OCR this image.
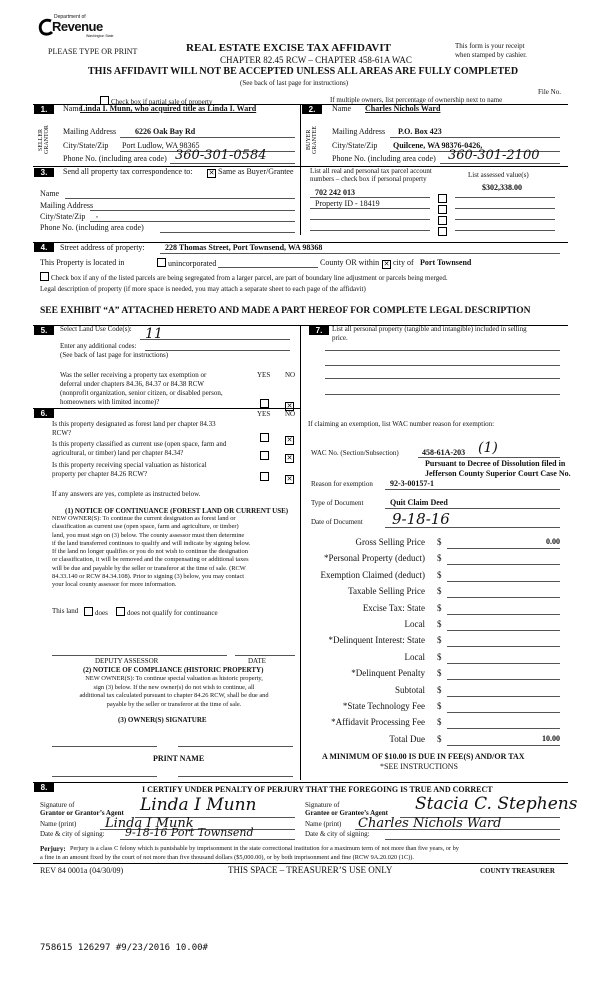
Department of
Revenue
Washington State
PLEASE TYPE OR PRINT	REAL ESTATE EXCISE TAX AFFIDAVIT
CHAPTER 82.45 RCW – CHAPTER 458-61A WAC
THIS AFFIDAVIT WILL NOT BE ACCEPTED UNLESS ALL AREAS ARE FULLY COMPLETED
(See back of last page for instructions)
This form is your receipt
when stamped by cashier.
File No.
Check box if partial sale of property	If multiple owners, list percentage of ownership next to name
1.
SELLER GRANTOR
Name
Linda I. Munn, who acquired title as Linda I. Ward
Mailing Address 6226 Oak Bay Rd
City/State/Zip Port Ludlow, WA 98365
Phone No. (including area code) 360-301-0584
2.
BUYER GRANTEE
Name Charles Nichols Ward
Mailing Address P.O. Box 423
City/State/Zip Quilcene, WA 98376-0426,
Phone No. (including area code) 360-301-2100
3.	Send all property tax correspondence to: ✕ Same as Buyer/Grantee
Name
Mailing Address
City/State/Zip ,
Phone No. (including area code)
List all real and personal tax parcel account
numbers – check box if personal property	List assessed value(s)
702 242 013
$302,338.00
Property ID - 18419
4.	Street address of property:	228 Thomas Street, Port Townsend, WA 98368
This Property is located in	unincorporated	County OR within ✕ city of Port Townsend
Check box if any of the listed parcels are being segregated from a larger parcel, are part of boundary line adjustment or parcels being merged.
Legal description of property (if more space is needed, you may attach a separate sheet to each page of the affidavit)
SEE EXHIBIT “A” ATTACHED HERETO AND MADE A PART HEREOF FOR COMPLETE LEGAL DESCRIPTION
5.	Select Land Use Code(s): 11
Enter any additional codes:
(See back of last page for instructions)
YES NO
Was the seller receiving a property tax exemption or
deferral under chapters 84.36, 84.37 or 84.38 RCW
(nonprofit organization, senior citizen, or disabled person,
homeowners with limited income)?	✕
6.	YES NO
Is this property designated as forest land per chapter 84.33
RCW?
✕
Is this property classified as current use (open space, farm and
agricultural, or timber) land per chapter 84.34?
✕
Is this property receiving special valuation as historical
property per chapter 84.26 RCW?
✕
If any answers are yes, complete as instructed below.
(1) NOTICE OF CONTINUANCE (FOREST LAND OR CURRENT USE)
NEW OWNER(S): To continue the current designation as forest land or
classification as current use (open space, farm and agriculture, or timber)
land, you must sign on (3) below. The county assessor must then determine
if the land transferred continues to qualify and will indicate by signing below.
If the land no longer qualifies or you do not wish to continue the designation
or classification, it will be removed and the compensating or additional taxes
will be due and payable by the seller or transferor at the time of sale. (RCW
84.33.140 or RCW 84.34.108). Prior to signing (3) below, you may contact
your local county assessor for more information.
This land	does	does not qualify for continuance
DEPUTY ASSESSOR	DATE
(2) NOTICE OF COMPLIANCE (HISTORIC PROPERTY)
NEW OWNER(S): To continue special valuation as historic property,
sign (3) below. If the new owner(s) do not wish to continue, all
additional tax calculated pursuant to chapter 84.26 RCW, shall be due and
payable by the seller or transferor at the time of sale.
(3) OWNER(S) SIGNATURE
PRINT NAME
7.	List all personal property (tangible and intangible) included in selling
price.
If claiming an exemption, list WAC number reason for exemption:
WAC No. (Section/Subsection)	458-61A-203 (1)
Pursuant to Decree of Dissolution filed in
Jefferson County Superior Court Case No.
Reason for exemption 92-3-00157-1
Type of Document	Quit Claim Deed
Date of Document 9-18-16
Gross Selling Price $	0.00
*Personal Property (deduct) $
Exemption Claimed (deduct) $
Taxable Selling Price $
Excise Tax: State $
Local $
*Delinquent Interest: State $
Local $
*Delinquent Penalty $
Subtotal $
*State Technology Fee $
*Affidavit Processing Fee $
Total Due $	10.00
A MINIMUM OF $10.00 IS DUE IN FEE(S) AND/OR TAX
*SEE INSTRUCTIONS
8.	I CERTIFY UNDER PENALTY OF PERJURY THAT THE FOREGOING IS TRUE AND CORRECT
Signature of
Grantor or Grantor’s Agent Linda I Munn
Name (print) Linda I Munk
Date & city of signing: 9-18-16 Port Townsend
Signature of
Grantee or Grantee’s Agent Stacia C. Stephens
Name (print) Charles Nichols Ward
Date & city of signing:
Perjury: Perjury is a class C felony which is punishable by imprisonment in the state correctional institution for a maximum term of not more than five years, or by
a fine in an amount fixed by the court of not more than five thousand dollars ($5,000.00), or by both imprisonment and fine (RCW 9A.20.020 (1C)).
REV 84 0001a (04/30/09)	THIS SPACE – TREASURER’S USE ONLY	COUNTY TREASURER
758615 126297 #9/23/2016 10.00#
